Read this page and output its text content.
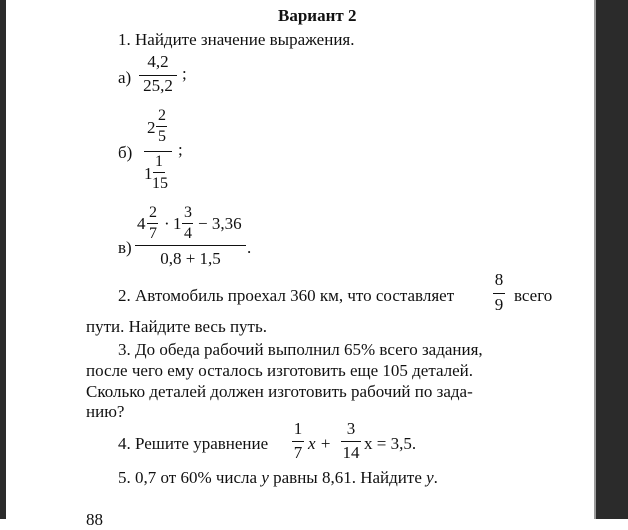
Вариант 2
1. Найдите значение выражения.
а)
4,2
25,2
;
б)
2
2
5
1
1
15
;
в)
4
2
7
· 1
3
4
− 3,36
0,8 + 1,5
.
2. Автомобиль проехал 360 км, что составляет
8
9 всего
пути. Найдите весь путь.
3. До обеда рабочий выполнил 65% всего задания,
после чего ему осталось изготовить еще 105 деталей.
Сколько деталей должен изготовить рабочий по зада-
нию?
4. Решите уравнение
1
7 x +
3
14 x = 3,5.
5. 0,7 от 60% числа y равны 8,61. Найдите y.
88
